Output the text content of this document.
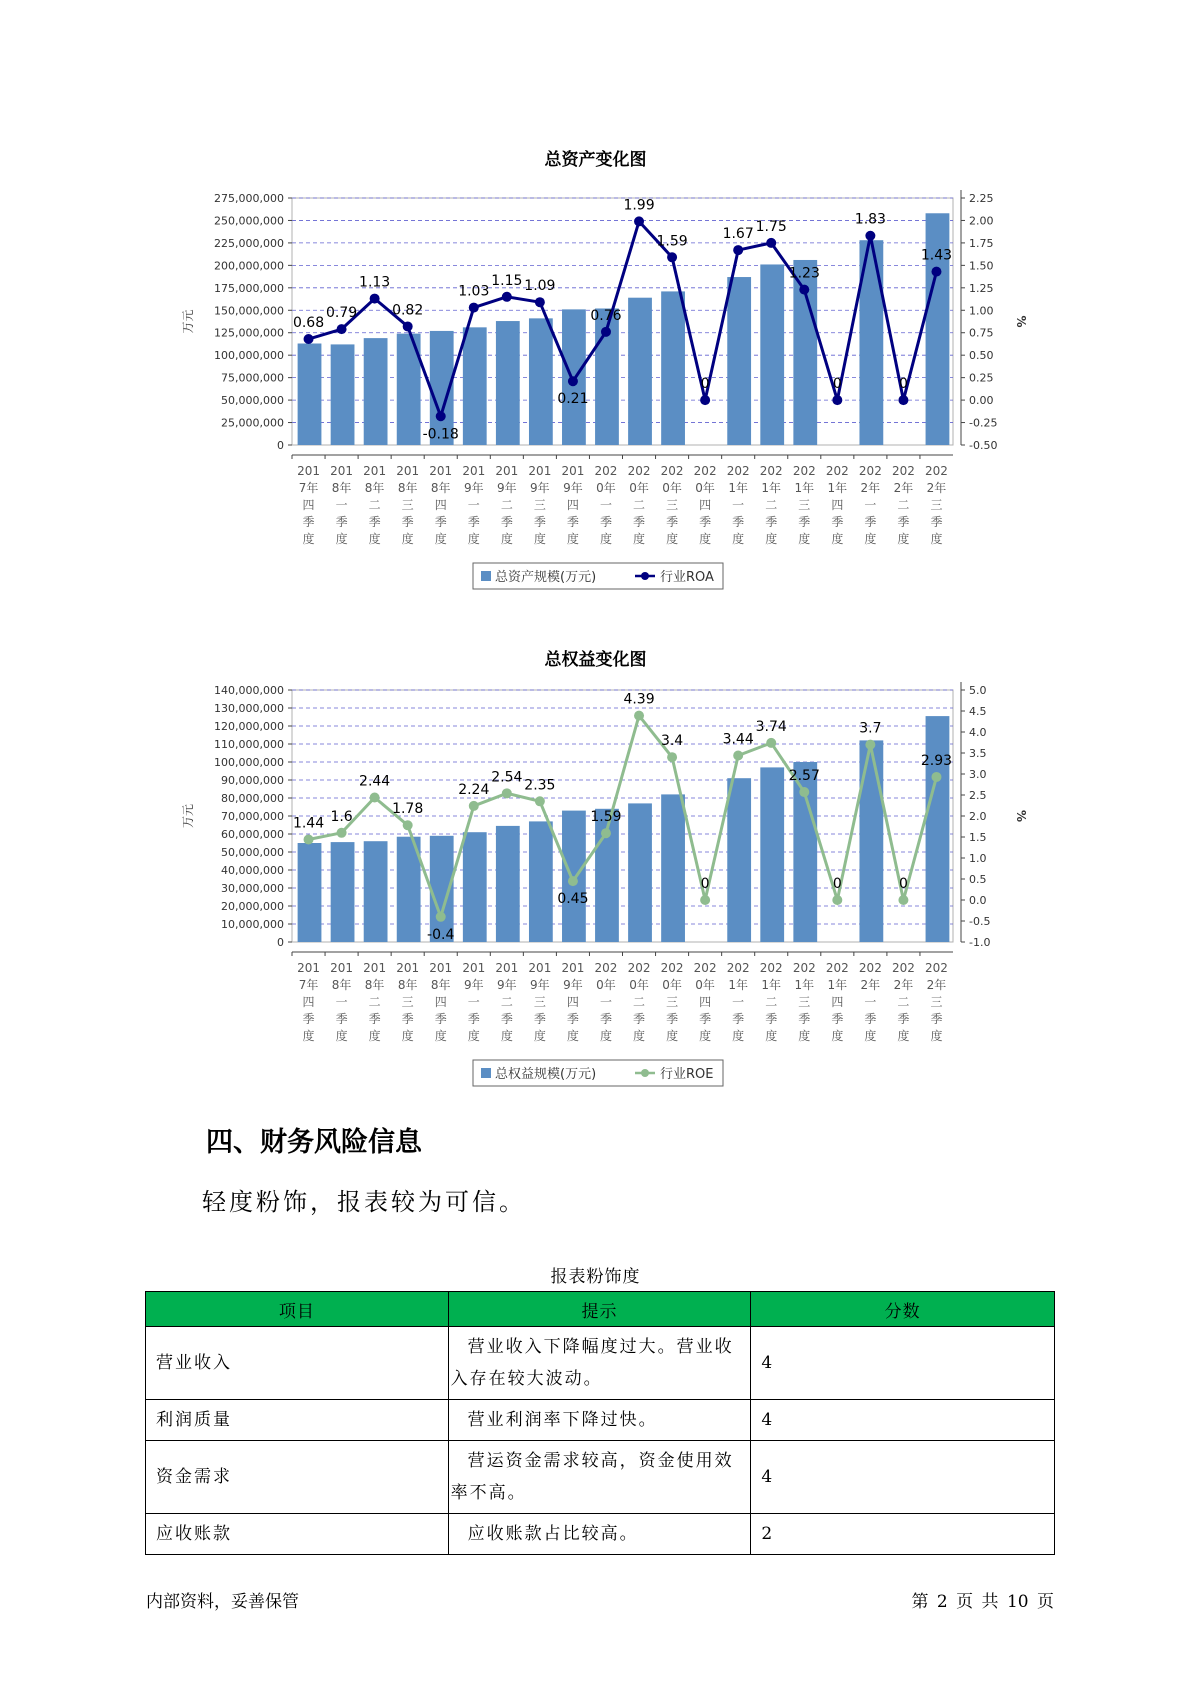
总资产变化图
0
25,000,000
50,000,000
75,000,000
100,000,000
125,000,000
150,000,000
175,000,000
200,000,000
225,000,000
250,000,000
275,000,000
-0.50
-0.25
0.00
0.25
0.50
0.75
1.00
1.25
1.50
1.75
2.00
2.25
万元	%
201
7年
四
季
度
201
8年
一
季
度
201
8年
二
季
度
201
8年
三
季
度
201
8年
四
季
度
201
9年
一
季
度
201
9年
二
季
度
201
9年
三
季
度
201
9年
四
季
度
202
0年
一
季
度
202
0年
二
季
度
202
0年
三
季
度
202
0年
四
季
度
202
1年
一
季
度
202
1年
二
季
度
202
1年
三
季
度
202
1年
四
季
度
202
2年
一
季
度
202
2年
二
季
度
202
2年
三
季
度
0.68
0.79
1.13
0.82
-0.18
1.03
1.15 1.09
0.21
0.76
1.99
1.59
0
1.67 1.75
1.23
0
1.83
0
1.43
总资产规模(万元)	行业ROA
总权益变化图
0
10,000,000
20,000,000
30,000,000
40,000,000
50,000,000
60,000,000
70,000,000
80,000,000
90,000,000
100,000,000
110,000,000
120,000,000
130,000,000
140,000,000
-1.0
-0.5
0.0
0.5
1.0
1.5
2.0
2.5
3.0
3.5
4.0
4.5
5.0
万元	%
201
7年
四
季
度
201
8年
一
季
度
201
8年
二
季
度
201
8年
三
季
度
201
8年
四
季
度
201
9年
一
季
度
201
9年
二
季
度
201
9年
三
季
度
201
9年
四
季
度
202
0年
一
季
度
202
0年
二
季
度
202
0年
三
季
度
202
0年
四
季
度
202
1年
一
季
度
202
1年
二
季
度
202
1年
三
季
度
202
1年
四
季
度
202
2年
一
季
度
202
2年
二
季
度
202
2年
三
季
度
1.44 1.6
2.44
1.78
-0.4
2.24
2.54 2.35
0.45
1.59
4.39
3.4
0
3.44
3.74
2.57
0
3.7
0
2.93
总权益规模(万元)	行业ROE
四、财务风险信息
轻度粉饰，报表较为可信。
报表粉饰度
项目	提示	分数
营业收入	营业收入下降幅度过大。营业收入存在较大波动。	4
利润质量	营业利润率下降过快。	4
资金需求	营运资金需求较高，资金使用效率不高。	4
应收账款	应收账款占比较高。	2
内部资料，妥善保管	第 2 页 共 10 页
